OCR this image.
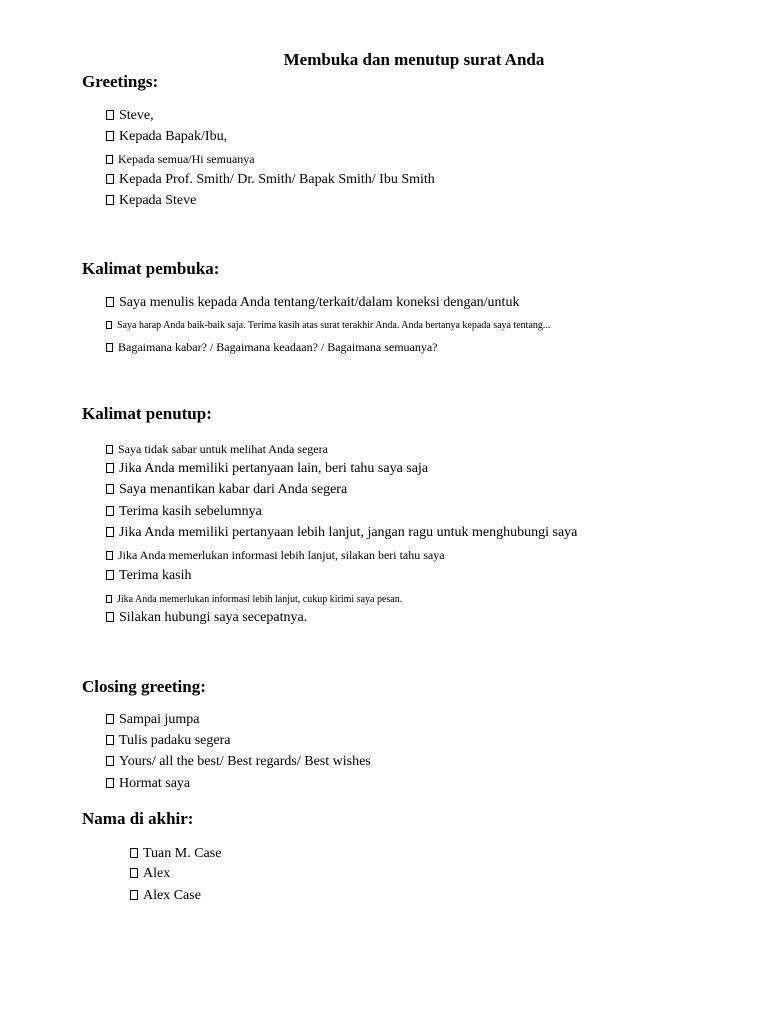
Membuka dan menutup surat Anda
Greetings:
Steve,
Kepada Bapak/Ibu,
Kepada semua/Hi semuanya
Kepada Prof. Smith/ Dr. Smith/ Bapak Smith/ Ibu Smith
Kepada Steve
Kalimat pembuka:
Saya menulis kepada Anda tentang/terkait/dalam koneksi dengan/untuk
Saya harap Anda baik-baik saja. Terima kasih atas surat terakhir Anda. Anda bertanya kepada saya tentang...
Bagaimana kabar? / Bagaimana keadaan? / Bagaimana semuanya?
Kalimat penutup:
Saya tidak sabar untuk melihat Anda segera
Jika Anda memiliki pertanyaan lain, beri tahu saya saja
Saya menantikan kabar dari Anda segera
Terima kasih sebelumnya
Jika Anda memiliki pertanyaan lebih lanjut, jangan ragu untuk menghubungi saya
Jika Anda memerlukan informasi lebih lanjut, silakan beri tahu saya
Terima kasih
Jika Anda memerlukan informasi lebih lanjut, cukup kirimi saya pesan.
Silakan hubungi saya secepatnya.
Closing greeting:
Sampai jumpa
Tulis padaku segera
Yours/ all the best/ Best regards/ Best wishes
Hormat saya
Nama di akhir:
Tuan M. Case
Alex
Alex Case
